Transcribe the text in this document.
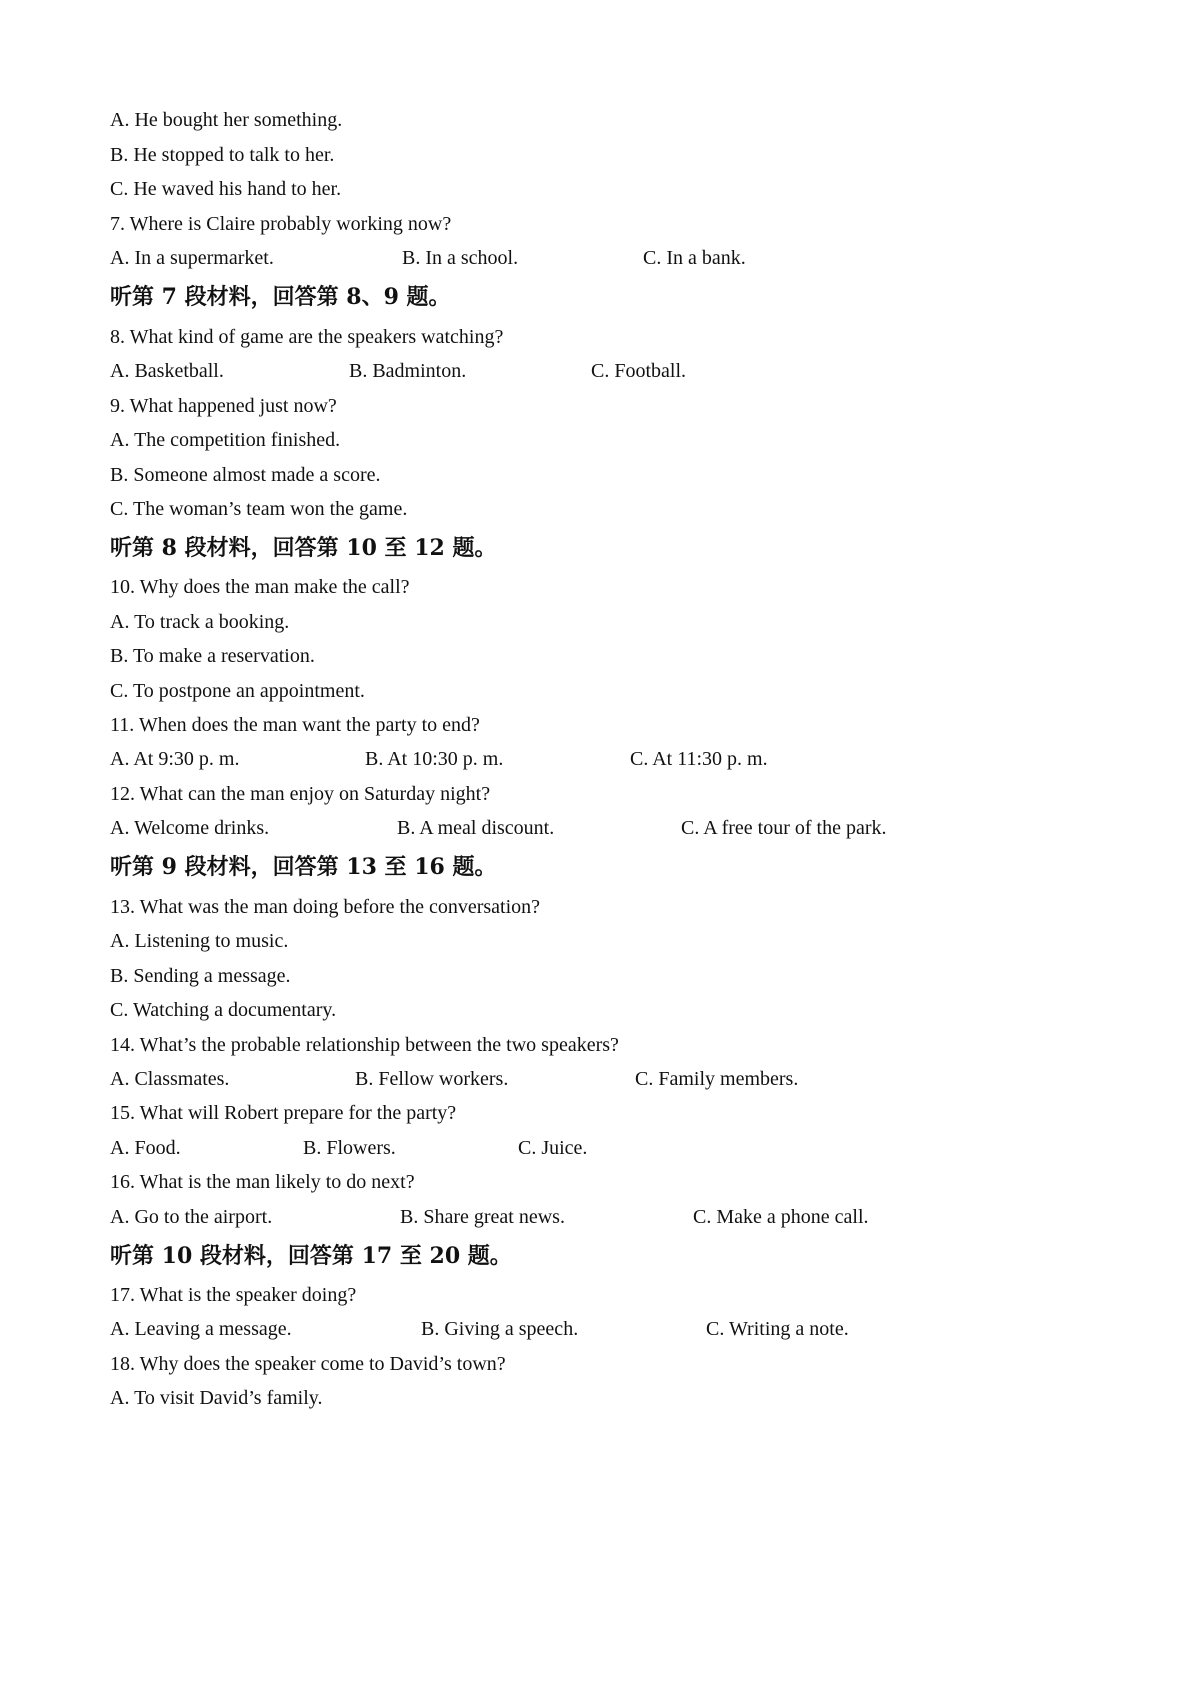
A. He bought her something.
B. He stopped to talk to her.
C. He waved his hand to her.
7. Where is Claire probably working now?
A. In a supermarket.	B. In a school.	C. In a bank.
听第 7 段材料，回答第 8、9 题。
8. What kind of game are the speakers watching?
A. Basketball.	B. Badminton.	C. Football.
9. What happened just now?
A. The competition finished.
B. Someone almost made a score.
C. The woman’s team won the game.
听第 8 段材料，回答第 10 至 12 题。
10. Why does the man make the call?
A. To track a booking.
B. To make a reservation.
C. To postpone an appointment.
11. When does the man want the party to end?
A. At 9:30 p. m.	B. At 10:30 p. m.	C. At 11:30 p. m.
12. What can the man enjoy on Saturday night?
A. Welcome drinks.	B. A meal discount.	C. A free tour of the park.
听第 9 段材料，回答第 13 至 16 题。
13. What was the man doing before the conversation?
A. Listening to music.
B. Sending a message.
C. Watching a documentary.
14. What’s the probable relationship between the two speakers?
A. Classmates.	B. Fellow workers.	C. Family members.
15. What will Robert prepare for the party?
A. Food.	B. Flowers.	C. Juice.
16. What is the man likely to do next?
A. Go to the airport.	B. Share great news.	C. Make a phone call.
听第 10 段材料，回答第 17 至 20 题。
17. What is the speaker doing?
A. Leaving a message.	B. Giving a speech.	C. Writing a note.
18. Why does the speaker come to David’s town?
A. To visit David’s family.
